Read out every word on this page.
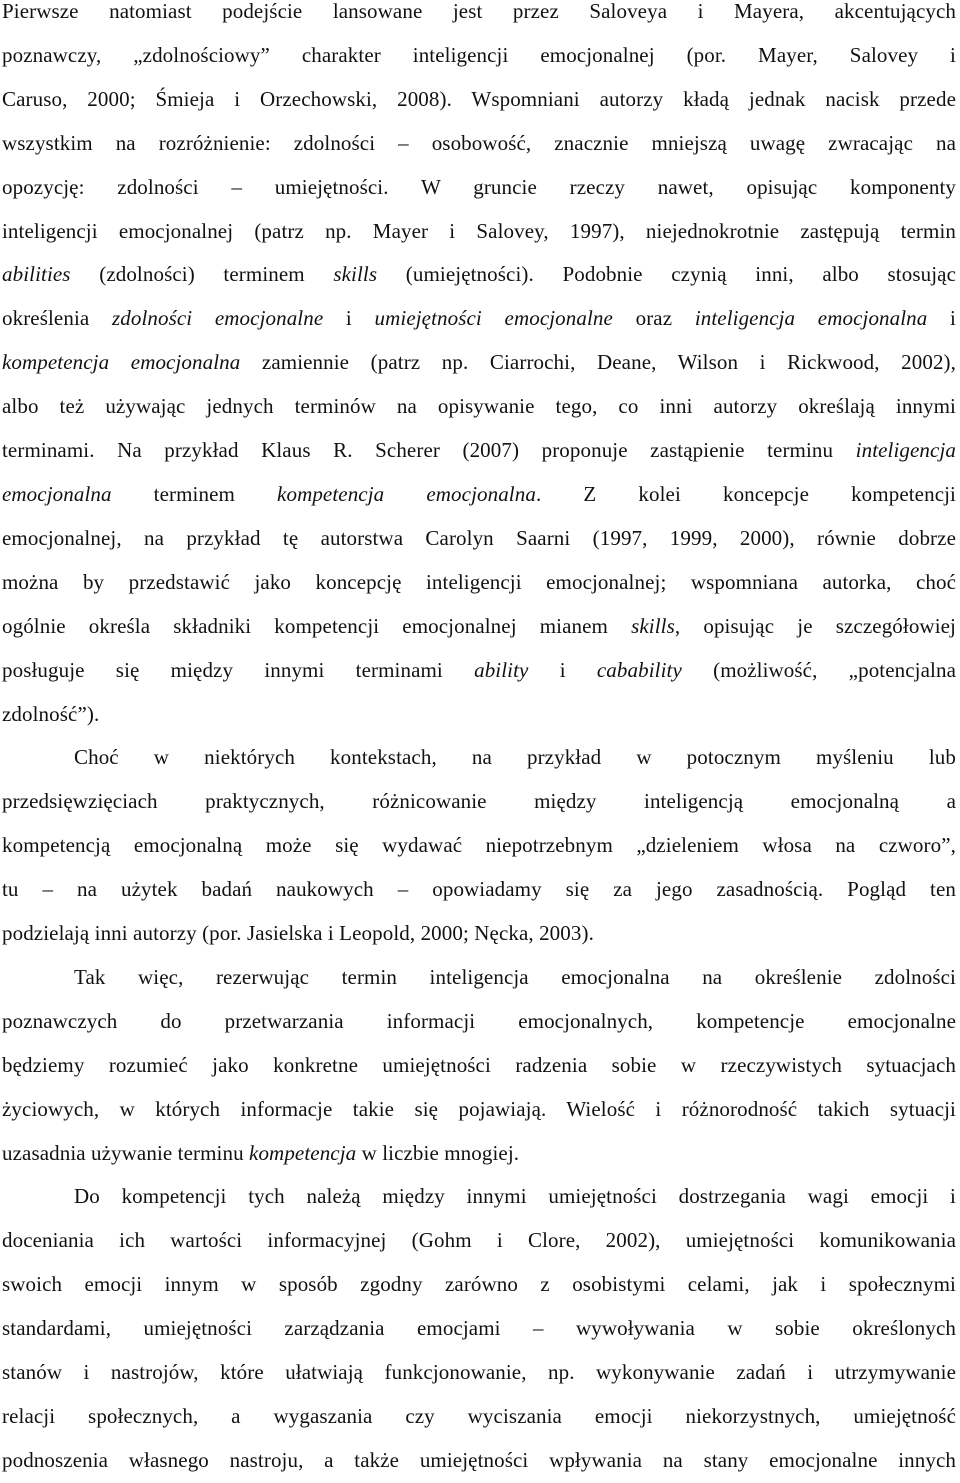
Pierwsze natomiast podejście lansowane jest przez Saloveya i Mayera, akcentujących
poznawczy, „zdolnościowy” charakter inteligencji emocjonalnej (por. Mayer, Salovey i
Caruso, 2000; Śmieja i Orzechowski, 2008). Wspomniani autorzy kładą jednak nacisk przede
wszystkim na rozróżnienie: zdolności – osobowość, znacznie mniejszą uwagę zwracając na
opozycję: zdolności – umiejętności. W gruncie rzeczy nawet, opisując komponenty
inteligencji emocjonalnej (patrz np. Mayer i Salovey, 1997), niejednokrotnie zastępują termin
abilities (zdolności) terminem skills (umiejętności). Podobnie czynią inni, albo stosując
określenia zdolności emocjonalne i umiejętności emocjonalne oraz inteligencja emocjonalna i
kompetencja emocjonalna zamiennie (patrz np. Ciarrochi, Deane, Wilson i Rickwood, 2002),
albo też używając jednych terminów na opisywanie tego, co inni autorzy określają innymi
terminami. Na przykład Klaus R. Scherer (2007) proponuje zastąpienie terminu inteligencja
emocjonalna terminem kompetencja emocjonalna. Z kolei koncepcje kompetencji
emocjonalnej, na przykład tę autorstwa Carolyn Saarni (1997, 1999, 2000), równie dobrze
można by przedstawić jako koncepcję inteligencji emocjonalnej; wspomniana autorka, choć
ogólnie określa składniki kompetencji emocjonalnej mianem skills, opisując je szczegółowiej
posługuje się między innymi terminami ability i cabability (możliwość, „potencjalna
zdolność”).
Choć w niektórych kontekstach, na przykład w potocznym myśleniu lub
przedsięwzięciach praktycznych, różnicowanie między inteligencją emocjonalną a
kompetencją emocjonalną może się wydawać niepotrzebnym „dzieleniem włosa na czworo”,
tu – na użytek badań naukowych – opowiadamy się za jego zasadnością. Pogląd ten
podzielają inni autorzy (por. Jasielska i Leopold, 2000; Nęcka, 2003).
Tak więc, rezerwując termin inteligencja emocjonalna na określenie zdolności
poznawczych do przetwarzania informacji emocjonalnych, kompetencje emocjonalne
będziemy rozumieć jako konkretne umiejętności radzenia sobie w rzeczywistych sytuacjach
życiowych, w których informacje takie się pojawiają. Wielość i różnorodność takich sytuacji
uzasadnia używanie terminu kompetencja w liczbie mnogiej.
Do kompetencji tych należą między innymi umiejętności dostrzegania wagi emocji i
doceniania ich wartości informacyjnej (Gohm i Clore, 2002), umiejętności komunikowania
swoich emocji innym w sposób zgodny zarówno z osobistymi celami, jak i społecznymi
standardami, umiejętności zarządzania emocjami – wywoływania w sobie określonych
stanów i nastrojów, które ułatwiają funkcjonowanie, np. wykonywanie zadań i utrzymywanie
relacji społecznych, a wygaszania czy wyciszania emocji niekorzystnych, umiejętność
podnoszenia własnego nastroju, a także umiejętności wpływania na stany emocjonalne innych
